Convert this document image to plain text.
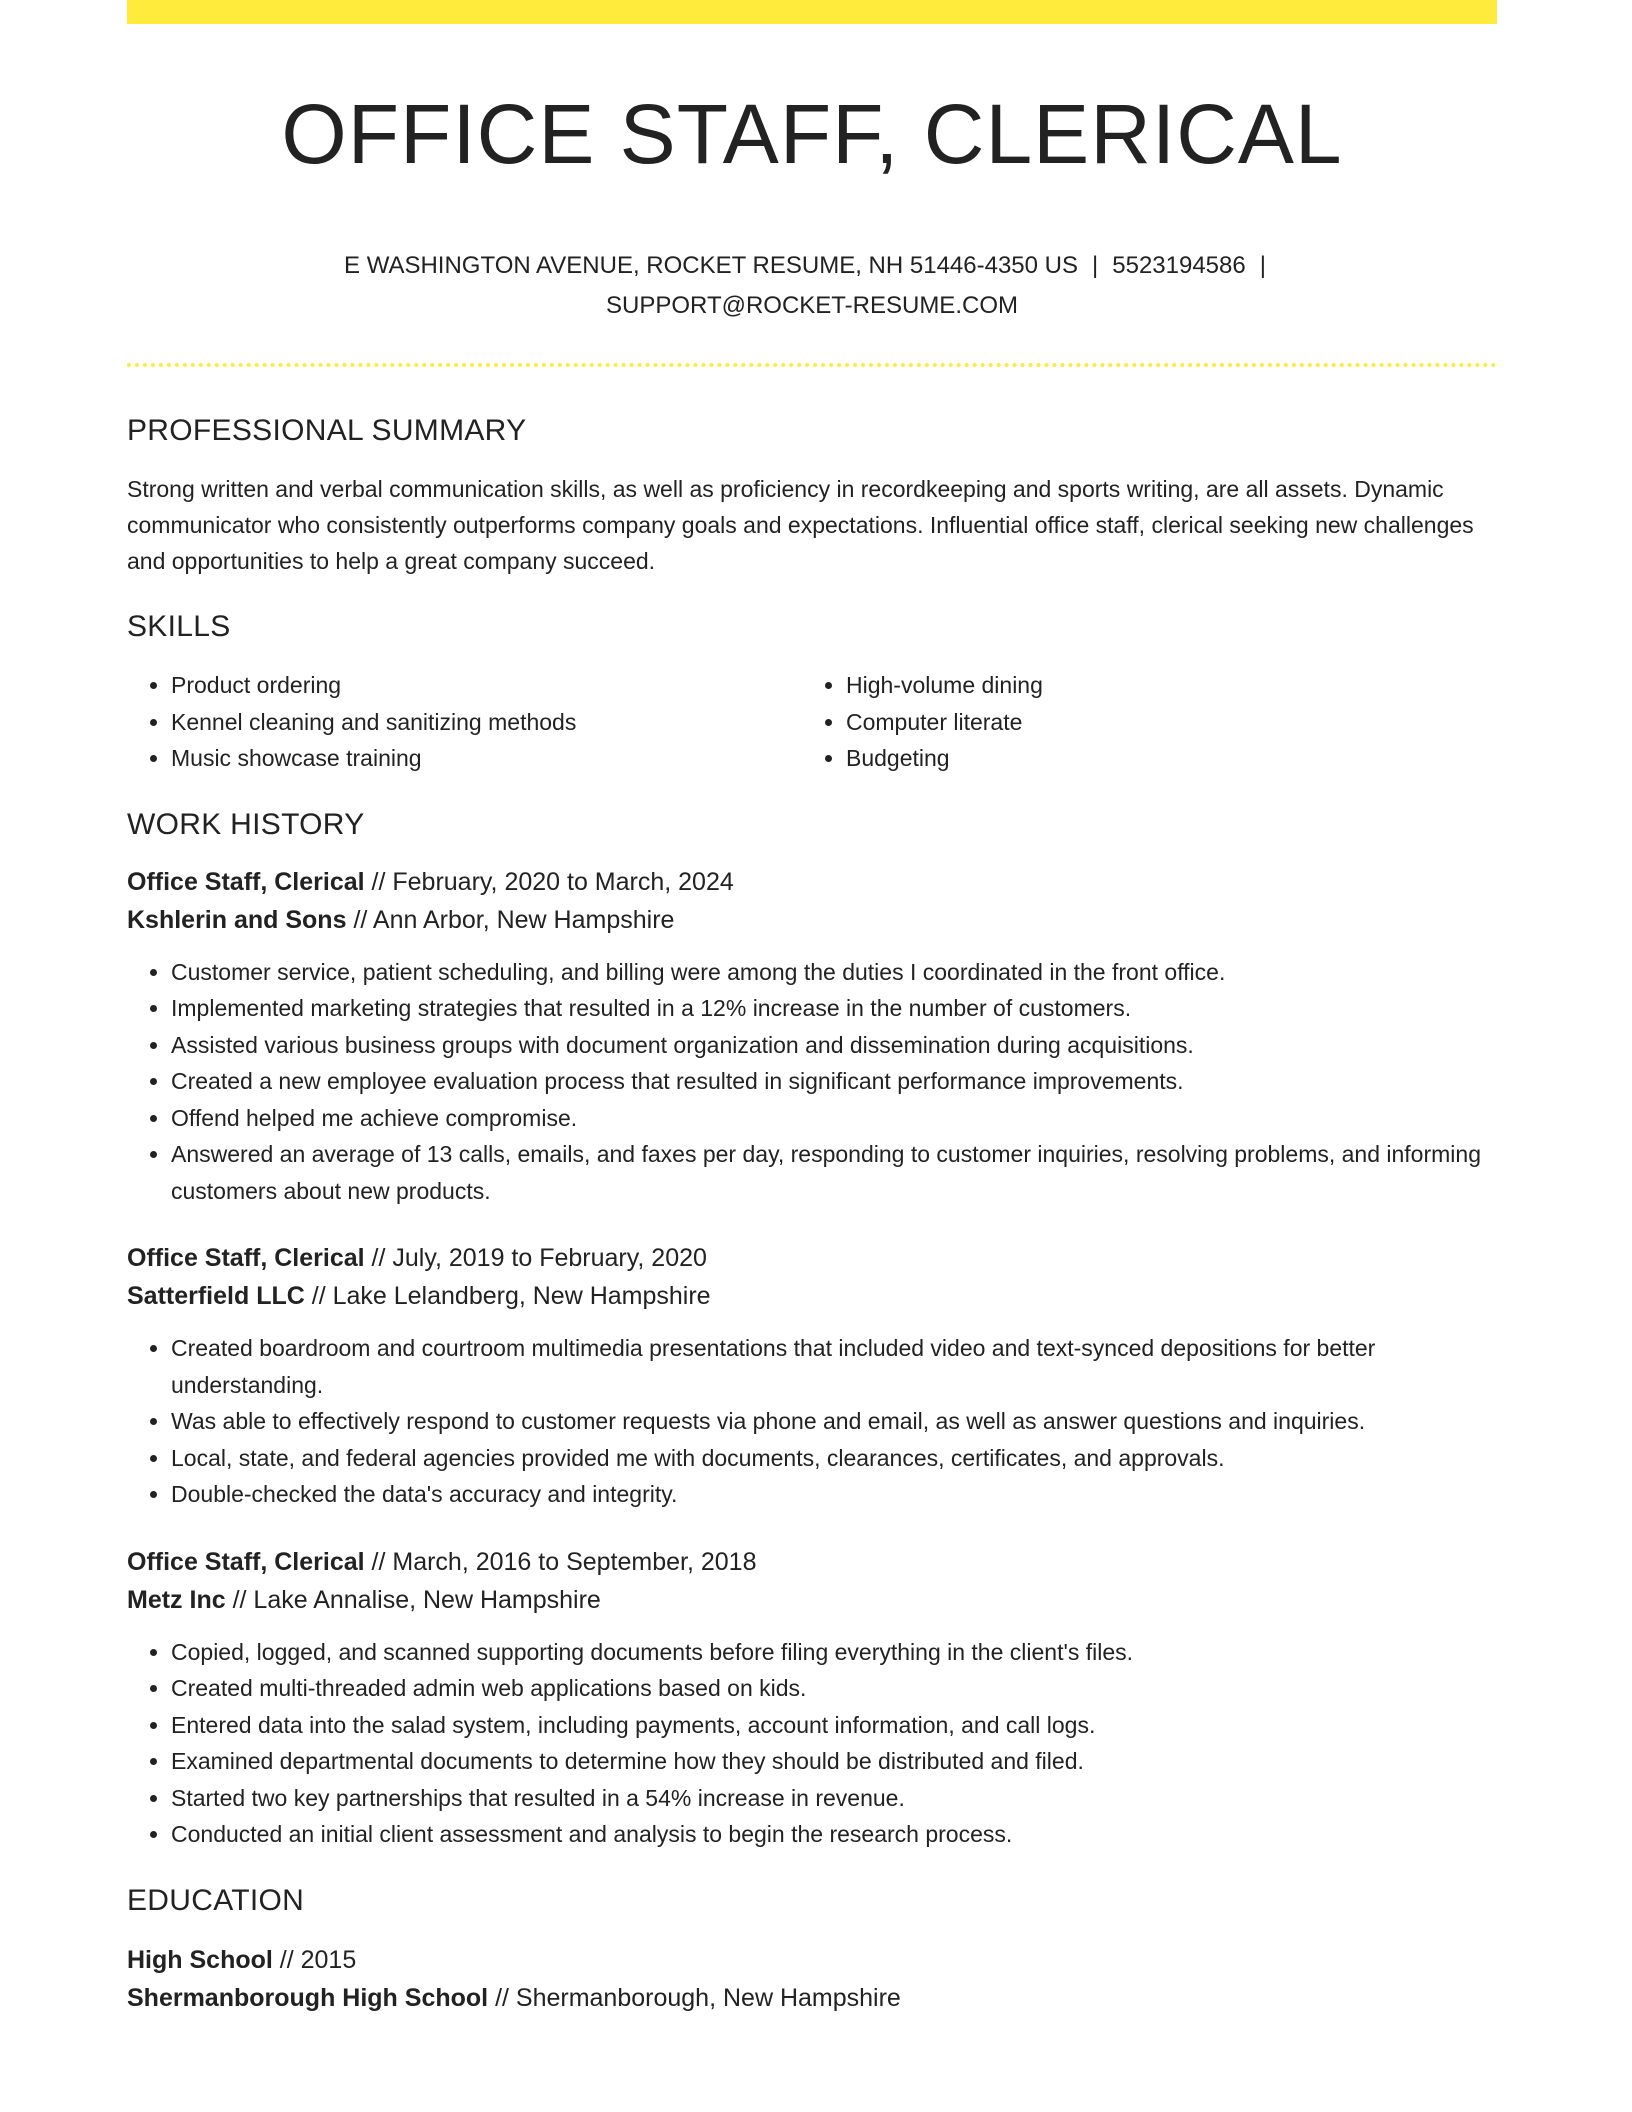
OFFICE STAFF, CLERICAL
E WASHINGTON AVENUE, ROCKET RESUME, NH 51446-4350 US | 5523194586 |
SUPPORT@ROCKET-RESUME.COM
PROFESSIONAL SUMMARY
Strong written and verbal communication skills, as well as proficiency in recordkeeping and sports writing, are all assets. Dynamic communicator who consistently outperforms company goals and expectations. Influential office staff, clerical seeking new challenges and opportunities to help a great company succeed.
SKILLS
• Product ordering
• Kennel cleaning and sanitizing methods
• Music showcase training
• High-volume dining
• Computer literate
• Budgeting
WORK HISTORY
Office Staff, Clerical // February, 2020 to March, 2024
Kshlerin and Sons // Ann Arbor, New Hampshire
• Customer service, patient scheduling, and billing were among the duties I coordinated in the front office.
• Implemented marketing strategies that resulted in a 12% increase in the number of customers.
• Assisted various business groups with document organization and dissemination during acquisitions.
• Created a new employee evaluation process that resulted in significant performance improvements.
• Offend helped me achieve compromise.
• Answered an average of 13 calls, emails, and faxes per day, responding to customer inquiries, resolving problems, and informing customers about new products.
Office Staff, Clerical // July, 2019 to February, 2020
Satterfield LLC // Lake Lelandberg, New Hampshire
• Created boardroom and courtroom multimedia presentations that included video and text-synced depositions for better understanding.
• Was able to effectively respond to customer requests via phone and email, as well as answer questions and inquiries.
• Local, state, and federal agencies provided me with documents, clearances, certificates, and approvals.
• Double-checked the data's accuracy and integrity.
Office Staff, Clerical // March, 2016 to September, 2018
Metz Inc // Lake Annalise, New Hampshire
• Copied, logged, and scanned supporting documents before filing everything in the client's files.
• Created multi-threaded admin web applications based on kids.
• Entered data into the salad system, including payments, account information, and call logs.
• Examined departmental documents to determine how they should be distributed and filed.
• Started two key partnerships that resulted in a 54% increase in revenue.
• Conducted an initial client assessment and analysis to begin the research process.
EDUCATION
High School // 2015
Shermanborough High School // Shermanborough, New Hampshire
